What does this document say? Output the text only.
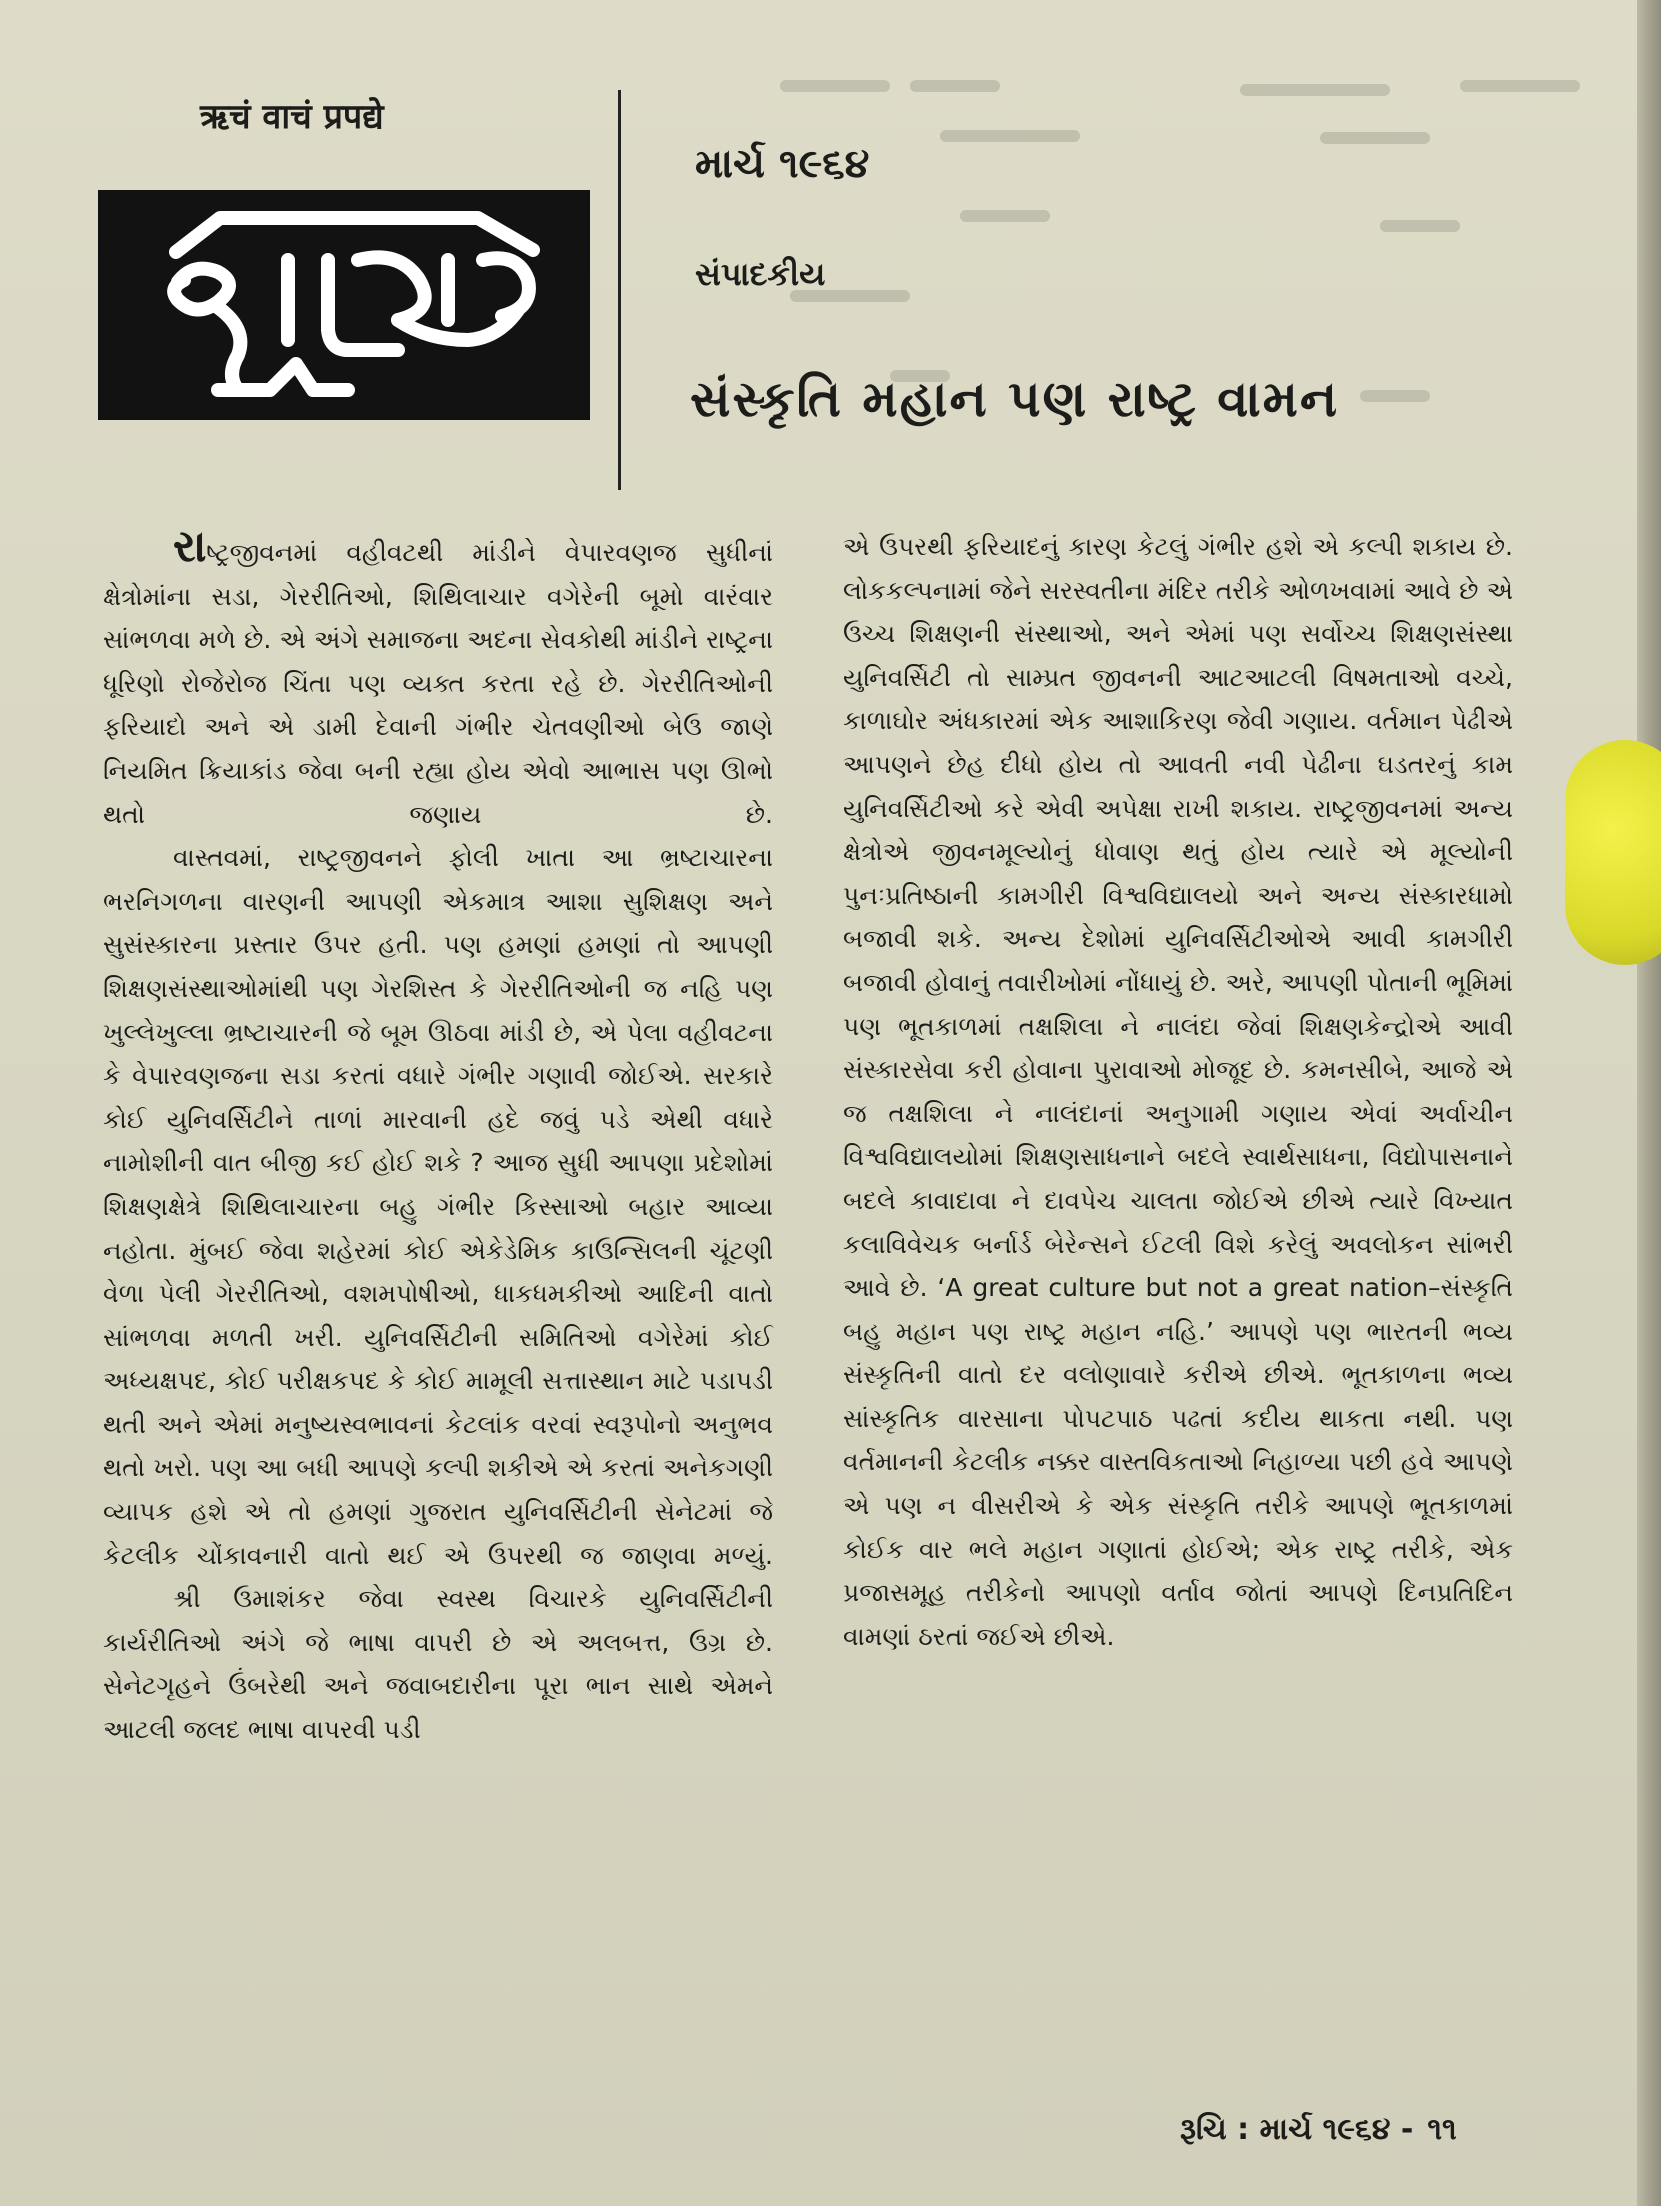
ऋचं वाचं प्रपद्ये
માર્ચ ૧૯૬૪
સંપાદકીય
સંસ્કૃતિ મહાન પણ રાષ્ટ્ર વામન

રાષ્ટ્રજીવનમાં વહીવટથી માંડીને વેપારવણજ સુધીનાં ક્ષેત્રોમાંના સડા, ગેરરીતિઓ, શિથિલાચાર વગેરેની બૂમો વારંવાર સાંભળવા મળે છે. એ અંગે સમાજના અદના સેવકોથી માંડીને રાષ્ટ્રના ધૂરિણો રોજેરોજ ચિંતા પણ વ્યક્ત કરતા રહે છે. ગેરરીતિઓની ફરિયાદો અને એ ડામી દેવાની ગંભીર ચેતવણીઓ બેઉ જાણે નિયમિત ક્રિયાકાંડ જેવા બની રહ્યા હોય એવો આભાસ પણ ઊભો થતો જણાય છે.

વાસ્તવમાં, રાષ્ટ્રજીવનને ફોલી ખાતા આ ભ્રષ્ટાચારના ભરનિગળના વારણની આપણી એકમાત્ર આશા સુશિક્ષણ અને સુસંસ્કારના પ્રસ્તાર ઉપર હતી. પણ હમણાં હમણાં તો આપણી શિક્ષણસંસ્થાઓમાંથી પણ ગેરશિસ્ત કે ગેરરીતિઓની જ નહિ પણ ખુલ્લેખુલ્લા ભ્રષ્ટાચારની જે બૂમ ઊઠવા માંડી છે, એ પેલા વહીવટના કે વેપારવણજના સડા કરતાં વધારે ગંભીર ગણાવી જોઈએ. સરકારે કોઈ યુનિવર્સિટીને તાળાં મારવાની હદે જવું પડે એથી વધારે નામોશીની વાત બીજી કઈ હોઈ શકે ? આજ સુધી આપણા પ્રદેશોમાં શિક્ષણક્ષેત્રે શિથિલાચારના બહુ ગંભીર કિસ્સાઓ બહાર આવ્યા નહોતા. મુંબઈ જેવા શહેરમાં કોઈ એકેડેમિક કાઉન્સિલની ચૂંટણી વેળા પેલી ગેરરીતિઓ, વશમપોષીઓ, ધાકધમકીઓ આદિની વાતો સાંભળવા મળતી ખરી. યુનિવર્સિટીની સમિતિઓ વગેરેમાં કોઈ અધ્યક્ષપદ, કોઈ પરીક્ષકપદ કે કોઈ મામૂલી સત્તાસ્થાન માટે પડાપડી થતી અને એમાં મનુષ્યસ્વભાવનાં કેટલાંક વરવાં સ્વરૂપોનો અનુભવ થતો ખરો. પણ આ બધી આપણે કલ્પી શકીએ એ કરતાં અનેકગણી વ્યાપક હશે એ તો હમણાં ગુજરાત યુનિવર્સિટીની સેનેટમાં જે કેટલીક ચોંકાવનારી વાતો થઈ એ ઉપરથી જ જાણવા મળ્યું.

શ્રી ઉમાશંકર જેવા સ્વસ્થ વિચારકે યુનિવર્સિટીની કાર્યરીતિઓ અંગે જે ભાષા વાપરી છે એ અલબત્ત, ઉગ્ર છે. સેનેટગૃહને ઉંબરેથી અને જવાબદારીના પૂરા ભાન સાથે એમને આટલી જલદ ભાષા વાપરવી પડી

એ ઉપરથી ફરિયાદનું કારણ કેટલું ગંભીર હશે એ કલ્પી શકાય છે. લોકકલ્પનામાં જેને સરસ્વતીના મંદિર તરીકે ઓળખવામાં આવે છે એ ઉચ્ચ શિક્ષણની સંસ્થાઓ, અને એમાં પણ સર્વોચ્ચ શિક્ષણસંસ્થા યુનિવર્સિટી તો સામ્પ્રત જીવનની આટઆટલી વિષમતાઓ વચ્ચે, કાળાઘોર અંધકારમાં એક આશાકિરણ જેવી ગણાય. વર્તમાન પેઢીએ આપણને છેહ દીધો હોય તો આવતી નવી પેઢીના ઘડતરનું કામ યુનિવર્સિટીઓ કરે એવી અપેક્ષા રાખી શકાય. રાષ્ટ્રજીવનમાં અન્ય ક્ષેત્રોએ જીવનમૂલ્યોનું ધોવાણ થતું હોય ત્યારે એ મૂલ્યોની પુનઃપ્રતિષ્ઠાની કામગીરી વિશ્વવિદ્યાલયો અને અન્ય સંસ્કારધામો બજાવી શકે. અન્ય દેશોમાં યુનિવર્સિટીઓએ આવી કામગીરી બજાવી હોવાનું તવારીખોમાં નોંધાયું છે. અરે, આપણી પોતાની ભૂમિમાં પણ ભૂતકાળમાં તક્ષશિલા ને નાલંદા જેવાં શિક્ષણકેન્દ્રોએ આવી સંસ્કારસેવા કરી હોવાના પુરાવાઓ મોજૂદ છે. કમનસીબે, આજે એ જ તક્ષશિલા ને નાલંદાનાં અનુગામી ગણાય એવાં અર્વાચીન વિશ્વવિદ્યાલયોમાં શિક્ષણસાધનાને બદલે સ્વાર્થસાધના, વિદ્યોપાસનાને બદલે કાવાદાવા ને દાવપેચ ચાલતા જોઈએ છીએ ત્યારે વિખ્યાત કલાવિવેચક બર્નાર્ડ બેરેન્સને ઈટલી વિશે કરેલું અવલોકન સાંભરી આવે છે. ‘A great culture but not a great nation–સંસ્કૃતિ બહુ મહાન પણ રાષ્ટ્ર મહાન નહિ.’ આપણે પણ ભારતની ભવ્ય સંસ્કૃતિની વાતો દર વલોણાવારે કરીએ છીએ. ભૂતકાળના ભવ્ય સાંસ્કૃતિક વારસાના પોપટપાઠ પઢતાં કદીય થાકતા નથી. પણ વર્તમાનની કેટલીક નક્કર વાસ્તવિકતાઓ નિહાળ્યા પછી હવે આપણે એ પણ ન વીસરીએ કે એક સંસ્કૃતિ તરીકે આપણે ભૂતકાળમાં કોઈક વાર ભલે મહાન ગણાતાં હોઈએ; એક રાષ્ટ્ર તરીકે, એક પ્રજાસમૂહ તરીકેનો આપણો વર્તાવ જોતાં આપણે દિનપ્રતિદિન વામણાં ઠરતાં જઈએ છીએ.

રૂચિ : માર્ચ ૧૯૬૪ - ૧૧
